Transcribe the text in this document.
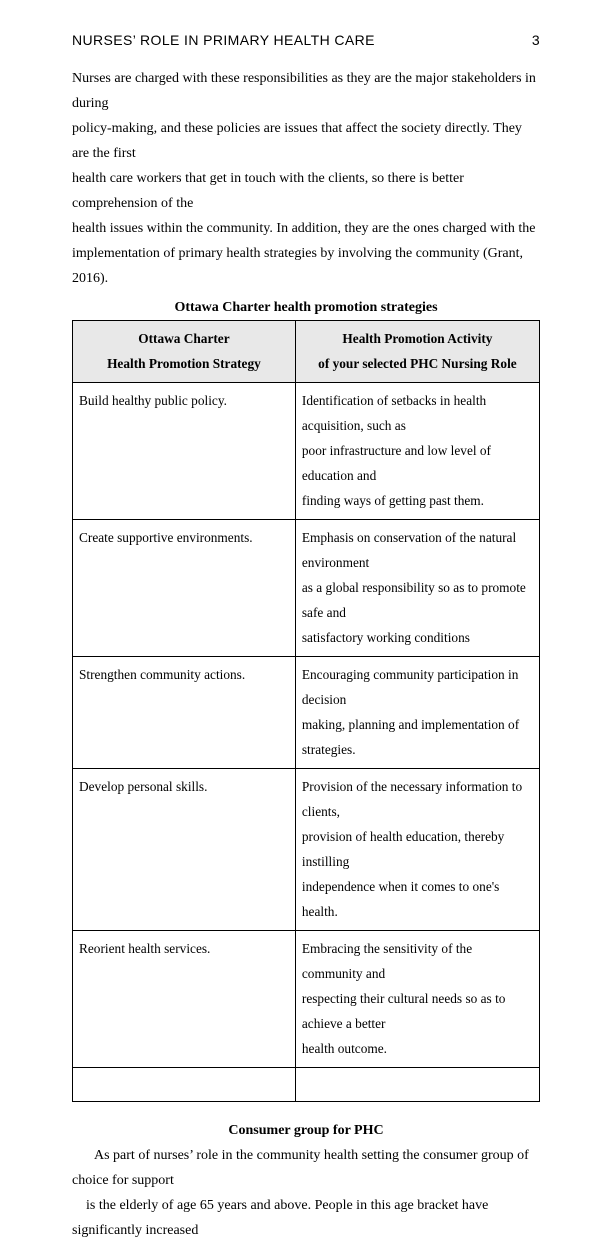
NURSES’ ROLE IN PRIMARY HEALTH CARE	3

Nurses are charged with these responsibilities as they are the major stakeholders in during
policy-making, and these policies are issues that affect the society directly. They are the first
health care workers that get in touch with the clients, so there is better comprehension of the
health issues within the community. In addition, they are the ones charged with the
implementation of primary health strategies by involving the community (Grant, 2016).

Ottawa Charter health promotion strategies
Ottawa Charter
Health Promotion Strategy	Health Promotion Activity
of your selected PHC Nursing Role

Build healthy public policy.	Identification of setbacks in health acquisition, such as
poor infrastructure and low level of education and
finding ways of getting past them.

Create supportive environments.	Emphasis on conservation of the natural environment
as a global responsibility so as to promote safe and
satisfactory working conditions

Strengthen community actions.	Encouraging community participation in decision
making, planning and implementation of strategies.

Develop personal skills.	Provision of the necessary information to clients,
provision of health education, thereby instilling
independence when it comes to one's health.

Reorient health services.	Embracing the sensitivity of the community and
respecting their cultural needs so as to achieve a better
health outcome.

Consumer group for PHC

As part of nurses’ role in the community health setting the consumer group of choice for support
is the elderly of age 65 years and above. People in this age bracket have significantly increased
